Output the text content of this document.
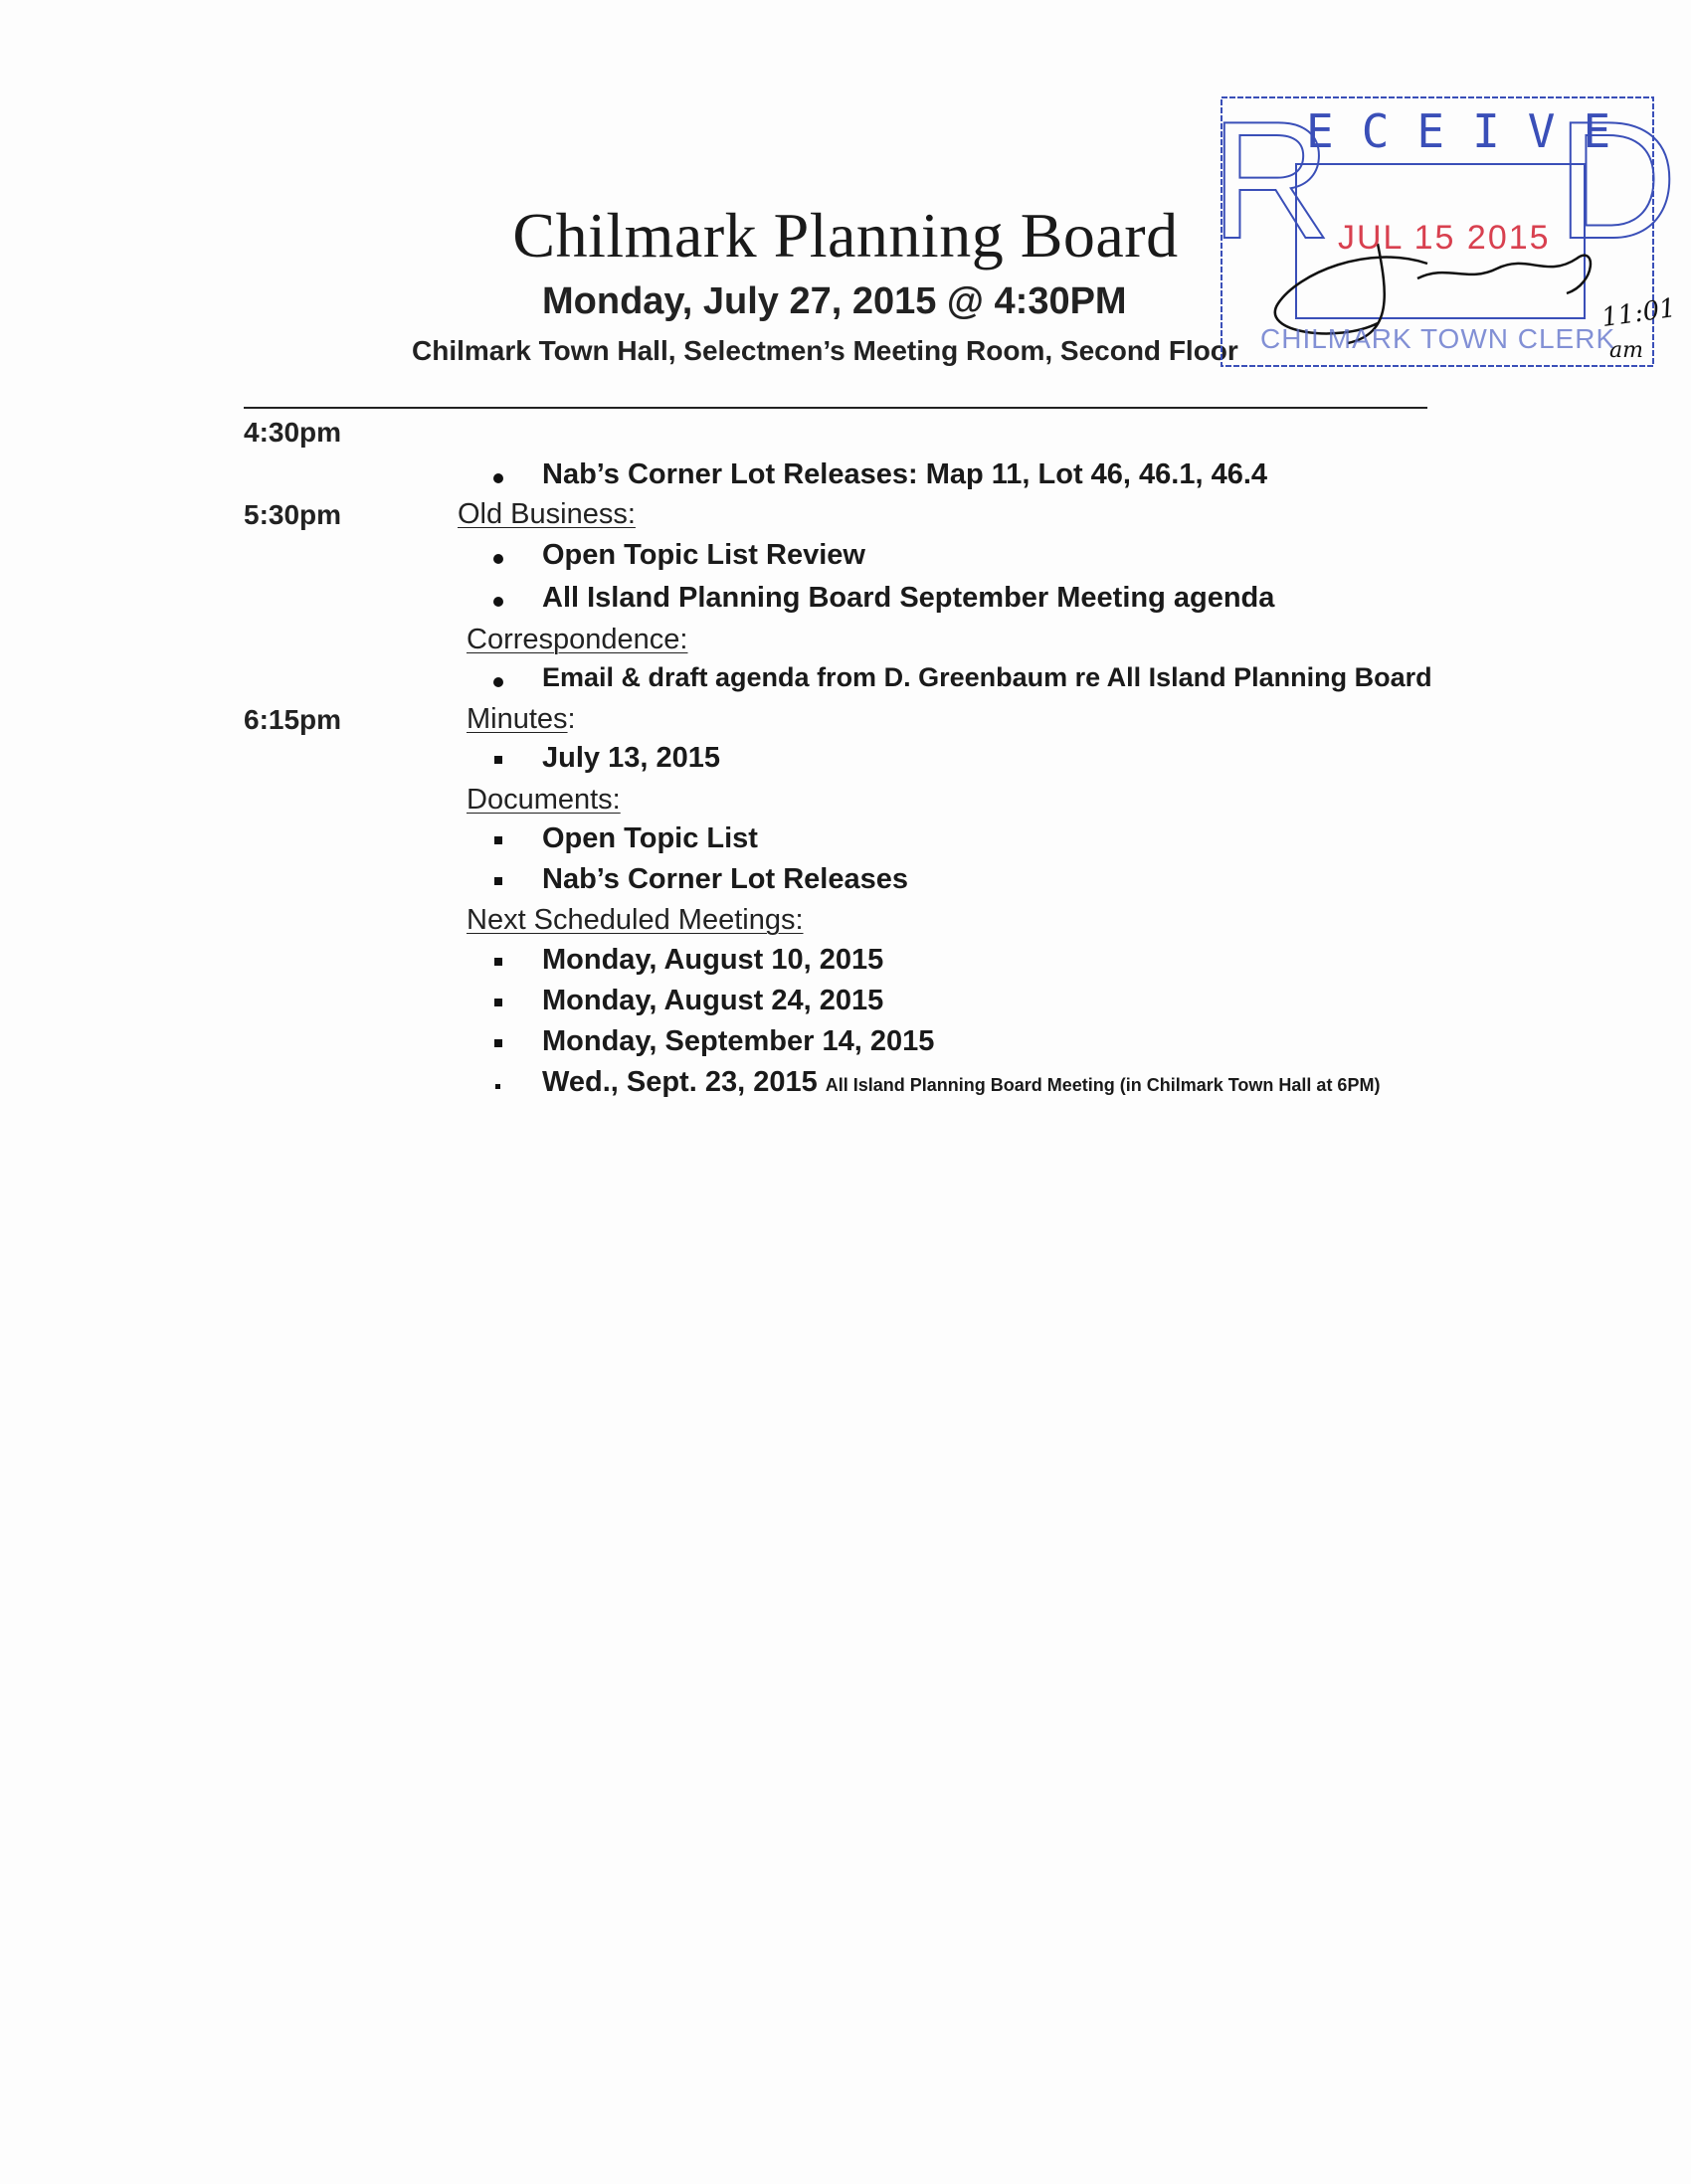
Chilmark Planning Board
Monday, July 27, 2015 @ 4:30PM
Chilmark Town Hall, Selectmen’s Meeting Room, Second Floor
R
ECEIVE
D
JUL 15 2015
CHILMARK TOWN CLERK
11:01
am
4:30pm
Nab’s Corner Lot Releases: Map 11, Lot 46, 46.1, 46.4
5:30pm	Old Business:
Open Topic List Review
All Island Planning Board September Meeting agenda
Correspondence:
Email & draft agenda from D. Greenbaum re All Island Planning Board
6:15pm	Minutes:
July 13, 2015
Documents:
Open Topic List
Nab’s Corner Lot Releases
Next Scheduled Meetings:
Monday, August 10, 2015
Monday, August 24, 2015
Monday, September 14, 2015
Wed., Sept. 23, 2015 All Island Planning Board Meeting (in Chilmark Town Hall at 6PM)
